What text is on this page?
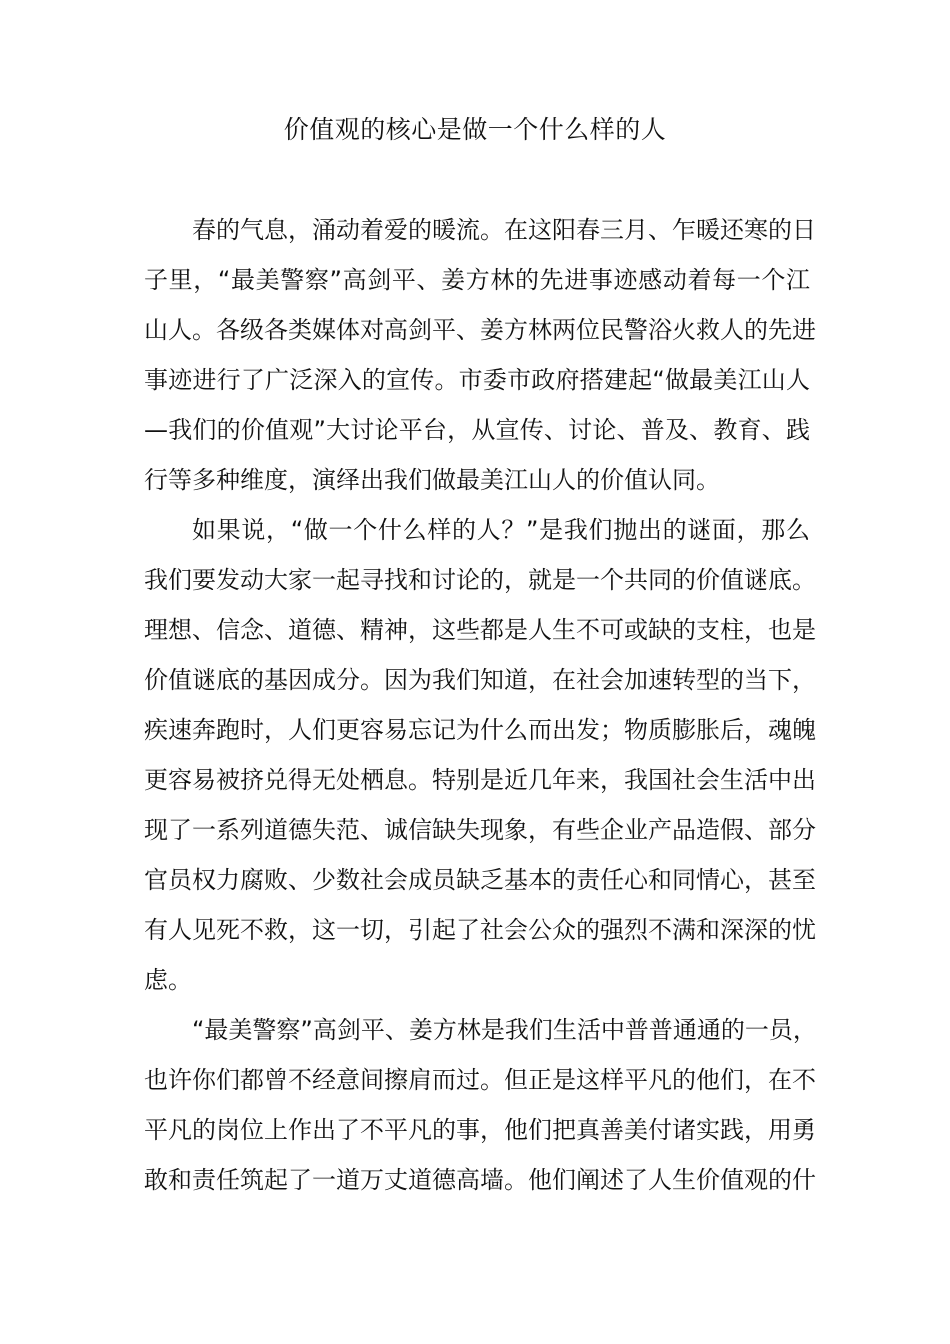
价值观的核心是做一个什么样的人
春的气息，涌动着爱的暖流。在这阳春三月、乍暖还寒的日
子里，“最美警察”高剑平、姜方林的先进事迹感动着每一个江
山人。各级各类媒体对高剑平、姜方林两位民警浴火救人的先进
事迹进行了广泛深入的宣传。市委市政府搭建起“做最美江山人
—我们的价值观”大讨论平台，从宣传、讨论、普及、教育、践
行等多种维度，演绎出我们做最美江山人的价值认同。
如果说，“做一个什么样的人？”是我们抛出的谜面，那么
我们要发动大家一起寻找和讨论的，就是一个共同的价值谜底。
理想、信念、道德、精神，这些都是人生不可或缺的支柱，也是
价值谜底的基因成分。因为我们知道，在社会加速转型的当下，
疾速奔跑时，人们更容易忘记为什么而出发；物质膨胀后，魂魄
更容易被挤兑得无处栖息。特别是近几年来，我国社会生活中出
现了一系列道德失范、诚信缺失现象，有些企业产品造假、部分
官员权力腐败、少数社会成员缺乏基本的责任心和同情心，甚至
有人见死不救，这一切，引起了社会公众的强烈不满和深深的忧
虑。
“最美警察”高剑平、姜方林是我们生活中普普通通的一员，
也许你们都曾不经意间擦肩而过。但正是这样平凡的他们，在不
平凡的岗位上作出了不平凡的事，他们把真善美付诸实践，用勇
敢和责任筑起了一道万丈道德高墙。他们阐述了人生价值观的什
